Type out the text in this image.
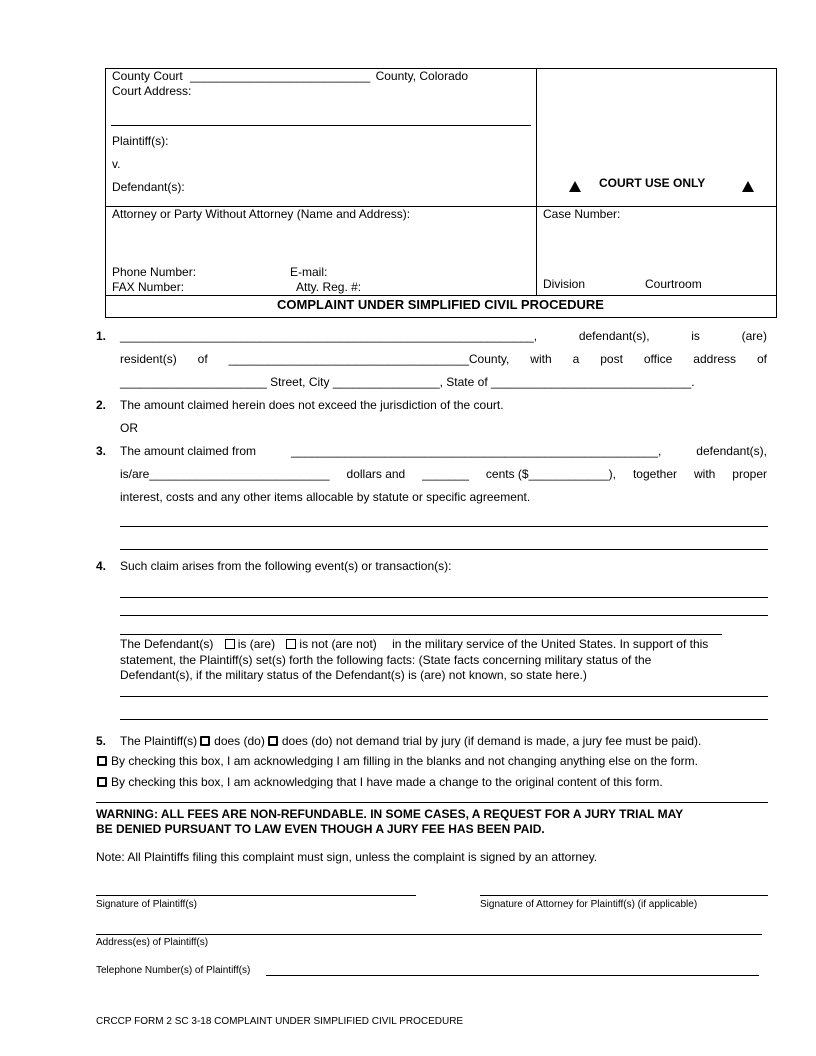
County Court ___________________________ County, Colorado
Court Address:
Plaintiff(s):
v.
Defendant(s):	COURT USE ONLY
Attorney or Party Without Attorney (Name and Address):
Phone Number:	E-mail:
FAX Number:	Atty. Reg. #:
Case Number:
Division	Courtroom
COMPLAINT UNDER SIMPLIFIED CIVIL PROCEDURE
1. ______________________________________________________________,	defendant(s),	is	(are)
resident(s) of ____________________________________County, with a post office address of
______________________ Street, City ________________, State of ______________________________.
2. The amount claimed herein does not exceed the jurisdiction of the court.
OR
3. The amount claimed from	_______________________________________________________,	defendant(s),
is/are___________________________ dollars and _______ cents ($____________), together with proper
interest, costs and any other items allocable by statute or specific agreement.
4. Such claim arises from the following event(s) or transaction(s):
The Defendant(s) is (are) is not (are not) in the military service of the United States. In support of this
statement, the Plaintiff(s) set(s) forth the following facts: (State facts concerning military status of the
Defendant(s), if the military status of the Defendant(s) is (are) not known, so state here.)
5. The Plaintiff(s) does (do) does (do) not demand trial by jury (if demand is made, a jury fee must be paid).
By checking this box, I am acknowledging I am filling in the blanks and not changing anything else on the form.
By checking this box, I am acknowledging that I have made a change to the original content of this form.
WARNING: ALL FEES ARE NON-REFUNDABLE. IN SOME CASES, A REQUEST FOR A JURY TRIAL MAY
BE DENIED PURSUANT TO LAW EVEN THOUGH A JURY FEE HAS BEEN PAID.
Note: All Plaintiffs filing this complaint must sign, unless the complaint is signed by an attorney.
Signature of Plaintiff(s)	Signature of Attorney for Plaintiff(s) (if applicable)
Address(es) of Plaintiff(s)
Telephone Number(s) of Plaintiff(s)
CRCCP FORM 2 SC 3-18 COMPLAINT UNDER SIMPLIFIED CIVIL PROCEDURE
